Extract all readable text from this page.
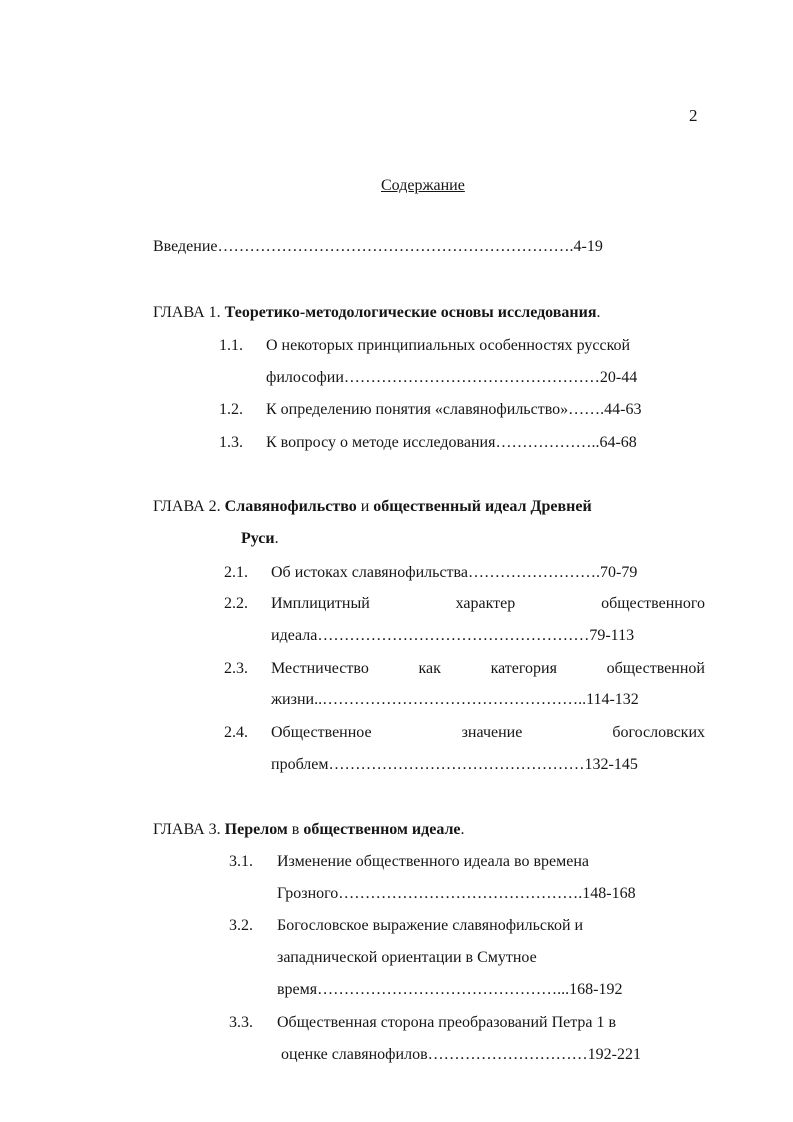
2
Содержание
Введение………………………………………………………….4-19
ГЛАВА 1. Теоретико-методологические основы исследования.
1.1. О некоторых принципиальных особенностях русской
философии…………………………………………20-44
1.2. К определению понятия «славянофильство»…….44-63
1.3. К вопросу о методе исследования………………..64-68
ГЛАВА 2. Славянофильство и общественный идеал Древней
Руси.
2.1. Об истоках славянофильства…………………….70-79
2.2. Имплицитный	характер	общественного
идеала……………………………………………79-113
2.3. Местничество	как	категория	общественной
жизни..…………………………………………..114-132
2.4. Общественное	значение	богословских
проблем…………………………………………132-145
ГЛАВА 3. Перелом в общественном идеале.
3.1. Изменение общественного идеала во времена
Грозного……………………………………….148-168
3.2. Богословское выражение славянофильской и
западнической ориентации в Смутное
время………………………………………...168-192
3.3. Общественная сторона преобразований Петра 1 в
оценке славянофилов…………………………192-221
